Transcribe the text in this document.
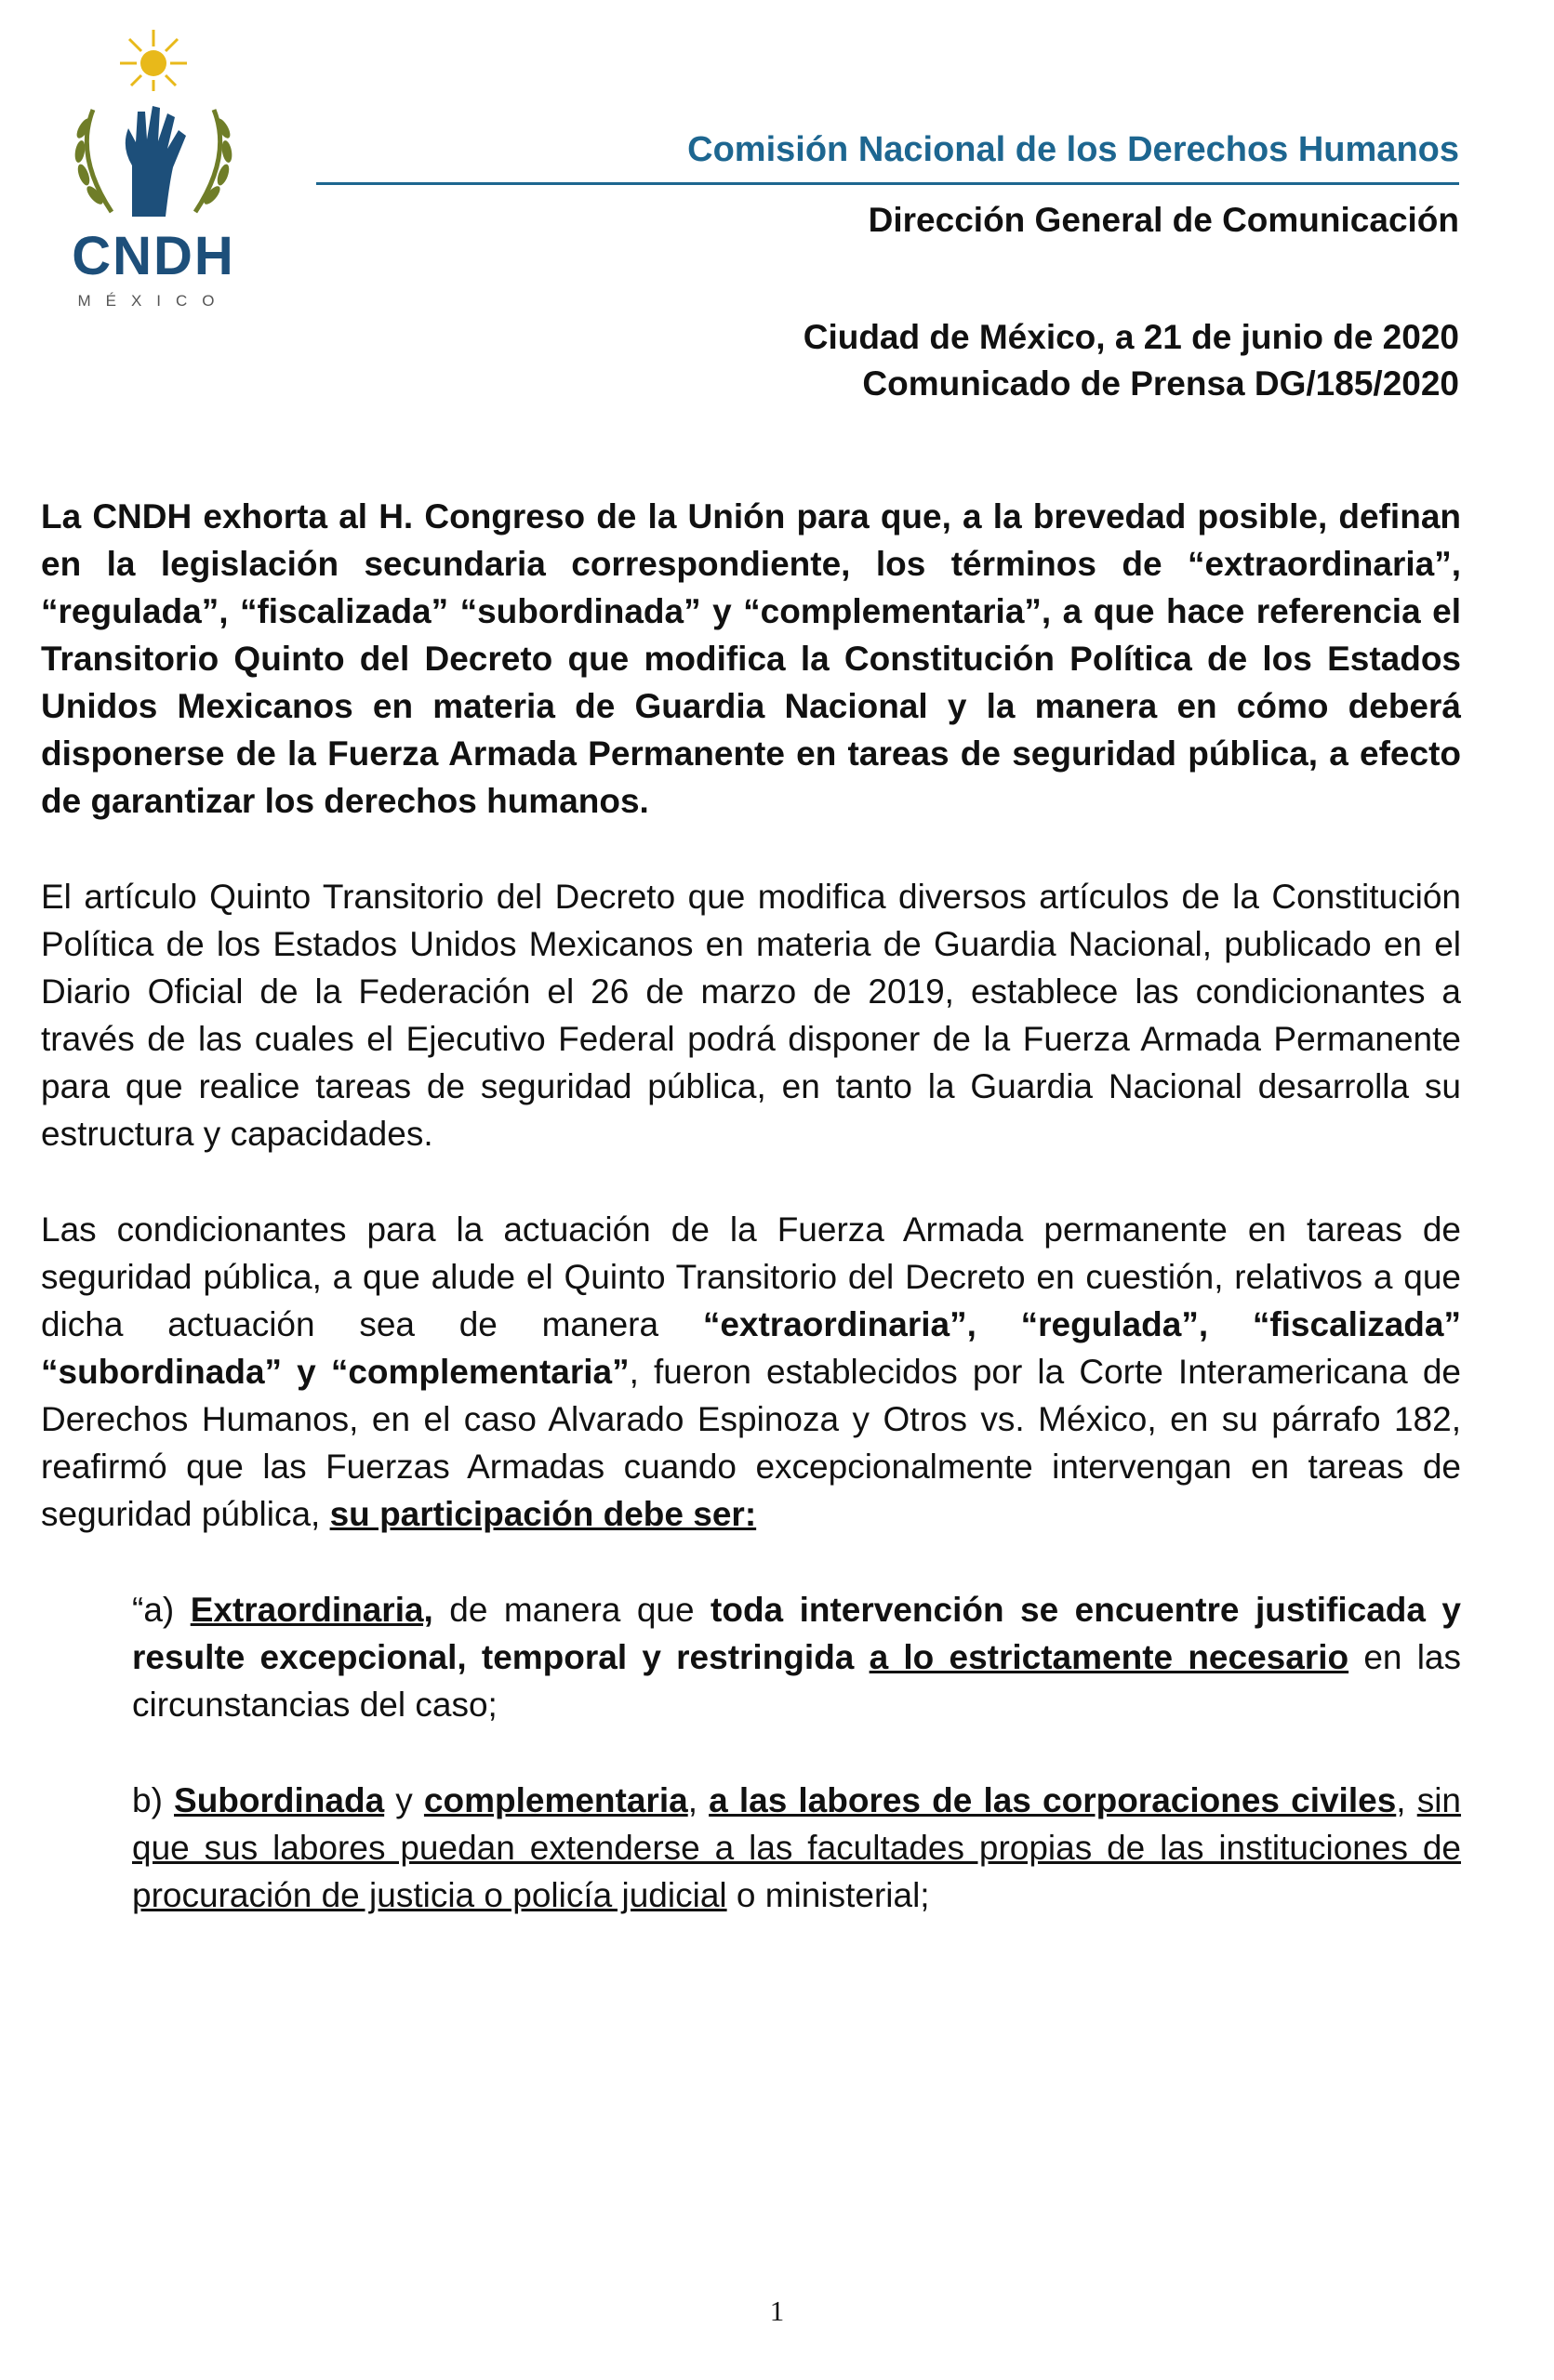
CNDH
MÉXICO
Comisión Nacional de los Derechos Humanos
Dirección General de Comunicación
Ciudad de México, a 21 de junio de 2020
Comunicado de Prensa DG/185/2020

La CNDH exhorta al H. Congreso de la Unión para que, a la brevedad posible, definan en la legislación secundaria correspondiente, los términos de “extraordinaria”, “regulada”, “fiscalizada” “subordinada” y “complementaria”, a que hace referencia el Transitorio Quinto del Decreto que modifica la Constitución Política de los Estados Unidos Mexicanos en materia de Guardia Nacional y la manera en cómo deberá disponerse de la Fuerza Armada Permanente en tareas de seguridad pública, a efecto de garantizar los derechos humanos.

El artículo Quinto Transitorio del Decreto que modifica diversos artículos de la Constitución Política de los Estados Unidos Mexicanos en materia de Guardia Nacional, publicado en el Diario Oficial de la Federación el 26 de marzo de 2019, establece las condicionantes a través de las cuales el Ejecutivo Federal podrá disponer de la Fuerza Armada Permanente para que realice tareas de seguridad pública, en tanto la Guardia Nacional desarrolla su estructura y capacidades.

Las condicionantes para la actuación de la Fuerza Armada permanente en tareas de seguridad pública, a que alude el Quinto Transitorio del Decreto en cuestión, relativos a que dicha actuación sea de manera “extraordinaria”, “regulada”, “fiscalizada” “subordinada” y “complementaria”, fueron establecidos por la Corte Interamericana de Derechos Humanos, en el caso Alvarado Espinoza y Otros vs. México, en su párrafo 182, reafirmó que las Fuerzas Armadas cuando excepcionalmente intervengan en tareas de seguridad pública, su participación debe ser:

“a) Extraordinaria, de manera que toda intervención se encuentre justificada y resulte excepcional, temporal y restringida a lo estrictamente necesario en las circunstancias del caso;

b) Subordinada y complementaria, a las labores de las corporaciones civiles, sin que sus labores puedan extenderse a las facultades propias de las instituciones de procuración de justicia o policía judicial o ministerial;

1
